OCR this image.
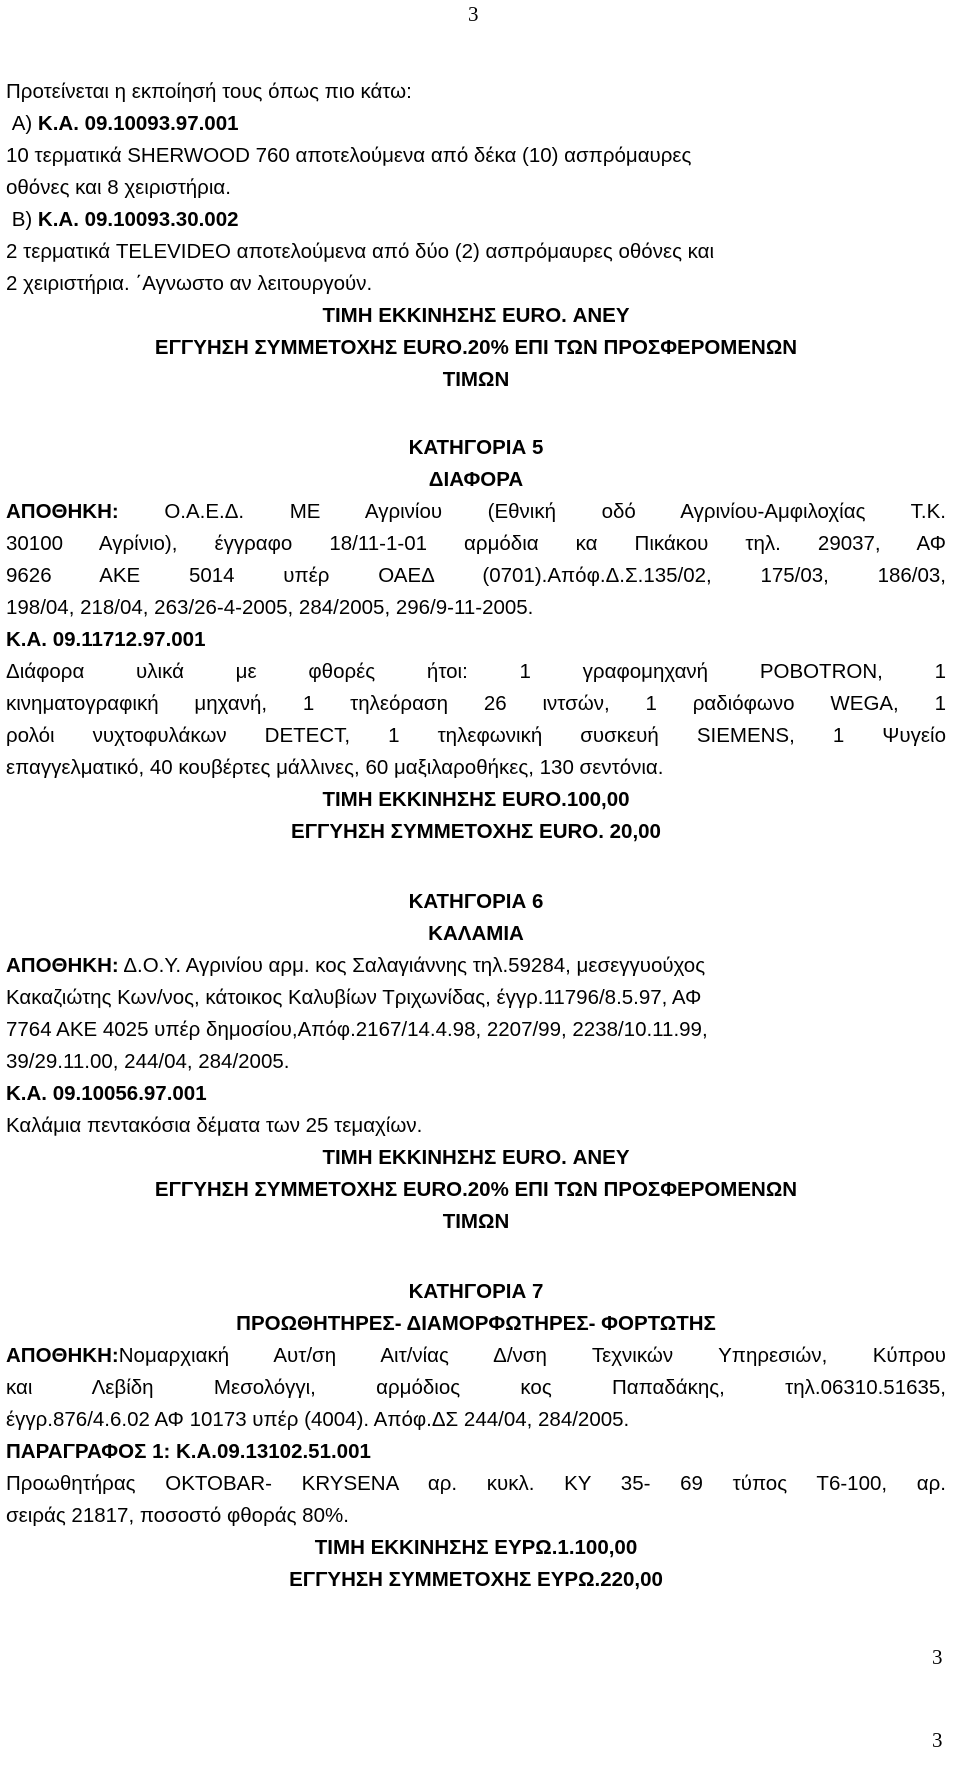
3
Προτείνεται η εκποίησή τους όπως πιο κάτω:
Α) Κ.Α. 09.10093.97.001
10 τερματικά SHERWOOD 760 αποτελούμενα από δέκα (10) ασπρόμαυρες
οθόνες και 8 χειριστήρια.
Β) Κ.Α. 09.10093.30.002
2 τερματικά TELEVIDEO αποτελούμενα από δύο (2) ασπρόμαυρες οθόνες και
2 χειριστήρια. ΄Αγνωστο αν λειτουργούν.
ΤΙΜΗ ΕΚΚΙΝΗΣΗΣ EURO. ΑΝΕΥ
ΕΓΓΥΗΣΗ ΣΥΜΜΕΤΟΧΗΣ EURO.20% ΕΠΙ ΤΩΝ ΠΡΟΣΦΕΡΟΜΕΝΩΝ
ΤΙΜΩΝ
ΚΑΤΗΓΟΡΙΑ 5
ΔΙΑΦΟΡΑ
ΑΠΟΘΗΚΗ: Ο.Α.Ε.Δ. ΜΕ Αγρινίου (Εθνική οδό Αγρινίου-Αμφιλοχίας Τ.Κ.
30100 Αγρίνιο), έγγραφο 18/11-1-01 αρμόδια κα Πικάκου τηλ. 29037, ΑΦ
9626 ΑΚΕ 5014 υπέρ ΟΑΕΔ (0701).Απόφ.Δ.Σ.135/02, 175/03, 186/03,
198/04, 218/04, 263/26-4-2005, 284/2005, 296/9-11-2005.
Κ.Α. 09.11712.97.001
Διάφορα υλικά με φθορές ήτοι: 1 γραφομηχανή ΡΟΒΟΤRON, 1
κινηματογραφική μηχανή, 1 τηλεόραση 26 ιντσών, 1 ραδιόφωνο WEGA, 1
ρολόι νυχτοφυλάκων DETECT, 1 τηλεφωνική συσκευή SIEMENS, 1 Ψυγείο
επαγγελματικό, 40 κουβέρτες μάλλινες, 60 μαξιλαροθήκες, 130 σεντόνια.
ΤΙΜΗ ΕΚΚΙΝΗΣΗΣ EURO.100,00
ΕΓΓΥΗΣΗ ΣΥΜΜΕΤΟΧΗΣ EURO. 20,00
ΚΑΤΗΓΟΡΙΑ 6
ΚΑΛΑΜΙΑ
ΑΠΟΘΗΚΗ: Δ.Ο.Υ. Αγρινίου αρμ. κος Σαλαγιάννης τηλ.59284, μεσεγγυούχος
Κακαζιώτης Κων/νος, κάτοικος Καλυβίων Τριχωνίδας, έγγρ.11796/8.5.97, ΑΦ
7764 ΑΚΕ 4025 υπέρ δημοσίου,Απόφ.2167/14.4.98, 2207/99, 2238/10.11.99,
39/29.11.00, 244/04, 284/2005.
Κ.Α. 09.10056.97.001
Καλάμια πεντακόσια δέματα των 25 τεμαχίων.
ΤΙΜΗ ΕΚΚΙΝΗΣΗΣ EURO. ΑΝΕΥ
ΕΓΓΥΗΣΗ ΣΥΜΜΕΤΟΧΗΣ EURO.20% ΕΠΙ ΤΩΝ ΠΡΟΣΦΕΡΟΜΕΝΩΝ
ΤΙΜΩΝ
ΚΑΤΗΓΟΡΙΑ 7
ΠΡΟΩΘΗΤΗΡΕΣ- ΔΙΑΜΟΡΦΩΤΗΡΕΣ- ΦΟΡΤΩΤΗΣ
ΑΠΟΘΗΚΗ:Νομαρχιακή Αυτ/ση Αιτ/νίας Δ/νση Τεχνικών Υπηρεσιών, Κύπρου
και Λεβίδη Μεσολόγγι, αρμόδιος κος Παπαδάκης, τηλ.06310.51635,
έγγρ.876/4.6.02 ΑΦ 10173 υπέρ (4004). Απόφ.ΔΣ 244/04, 284/2005.
ΠΑΡΑΓΡΑΦΟΣ 1: Κ.Α.09.13102.51.001
Προωθητήρας OKTOBAR- KRYSENA αρ. κυκλ. ΚΥ 35- 69 τύπος Τ6-100, αρ.
σειράς 21817, ποσοστό φθοράς 80%.
ΤΙΜΗ ΕΚΚΙΝΗΣΗΣ ΕΥΡΩ.1.100,00
ΕΓΓΥΗΣΗ ΣΥΜΜΕΤΟΧΗΣ ΕΥΡΩ.220,00
3
3
